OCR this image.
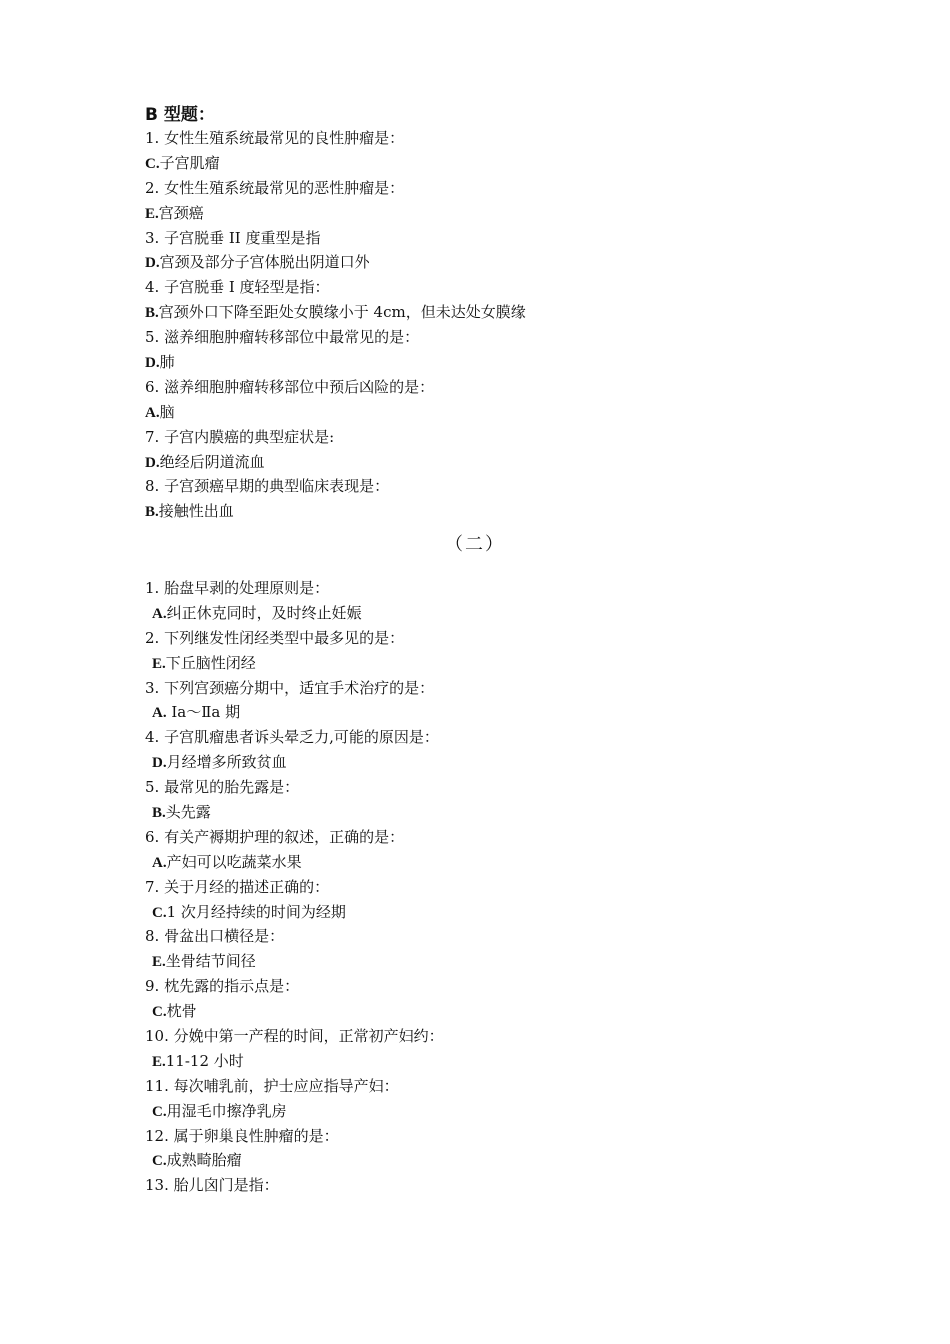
B 型题：
1. 女性生殖系统最常见的良性肿瘤是：
C.子宫肌瘤
2. 女性生殖系统最常见的恶性肿瘤是：
E.宫颈癌
3. 子宫脱垂 II 度重型是指
D.宫颈及部分子宫体脱出阴道口外
4. 子宫脱垂 I 度轻型是指：
B.宫颈外口下降至距处女膜缘小于 4cm，但未达处女膜缘
5. 滋养细胞肿瘤转移部位中最常见的是：
D.肺
6. 滋养细胞肿瘤转移部位中预后凶险的是：
A.脑
7. 子宫内膜癌的典型症状是:
D.绝经后阴道流血
8. 子宫颈癌早期的典型临床表现是：
B.接触性出血
（二）
1. 胎盘早剥的处理原则是：
A.纠正休克同时，及时终止妊娠
2. 下列继发性闭经类型中最多见的是：
E.下丘脑性闭经
3. 下列宫颈癌分期中，适宜手术治疗的是：
A. Ⅰa～Ⅱa 期
4. 子宫肌瘤患者诉头晕乏力,可能的原因是：
D.月经增多所致贫血
5. 最常见的胎先露是：
B.头先露
6. 有关产褥期护理的叙述，正确的是：
A.产妇可以吃蔬菜水果
7. 关于月经的描述正确的：
C.1 次月经持续的时间为经期
8. 骨盆出口横径是：
E.坐骨结节间径
9. 枕先露的指示点是：
C.枕骨
10. 分娩中第一产程的时间，正常初产妇约：
E.11-12 小时
11. 每次哺乳前，护士应应指导产妇：
C.用湿毛巾擦净乳房
12. 属于卵巢良性肿瘤的是：
C.成熟畸胎瘤
13. 胎儿囟门是指：
